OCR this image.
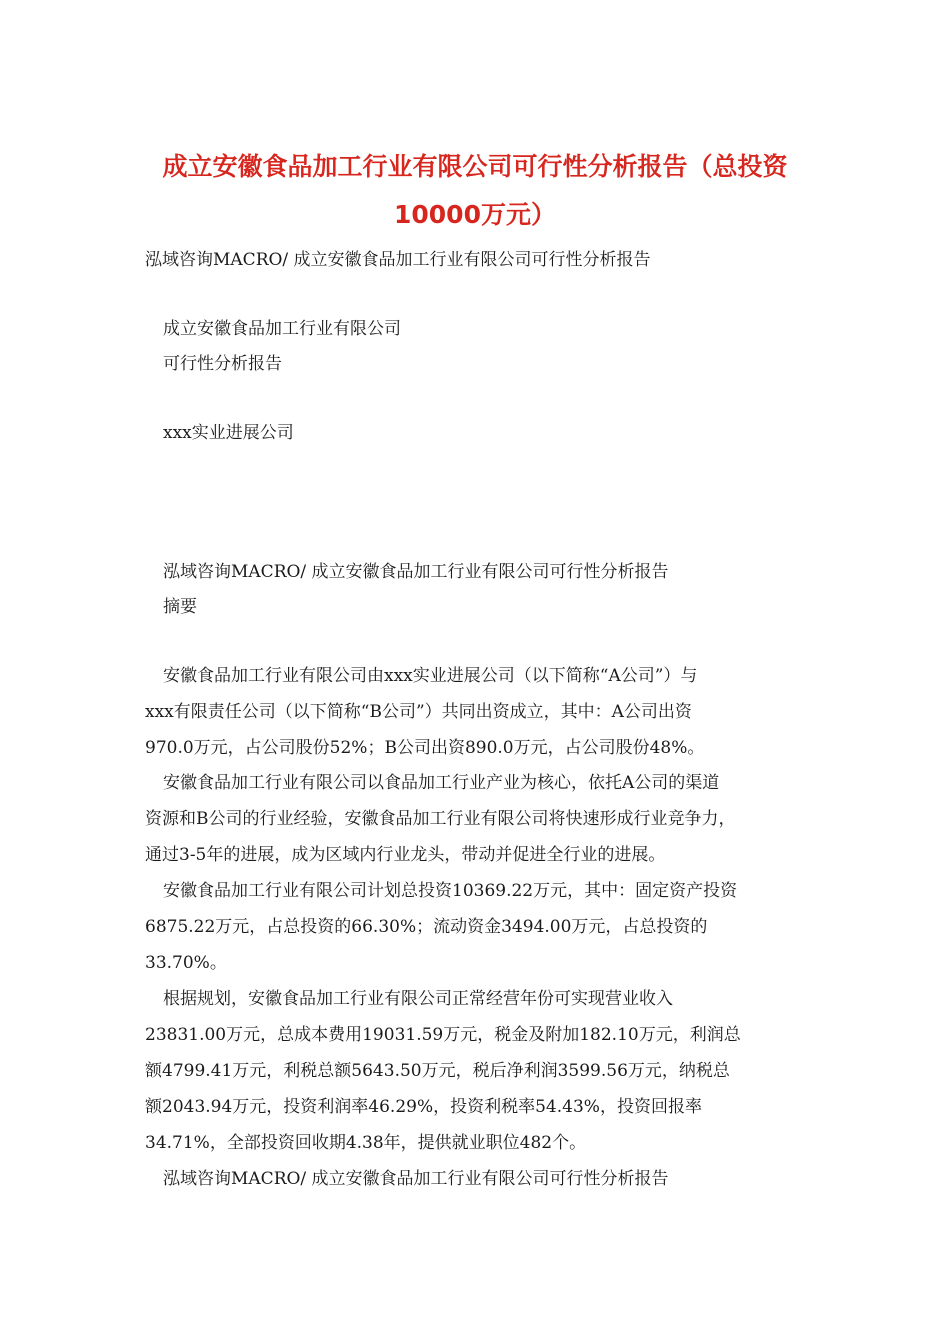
成立安徽食品加工行业有限公司可行性分析报告（总投资
10000万元）
泓域咨询MACRO/ 成立安徽食品加工行业有限公司可行性分析报告
成立安徽食品加工行业有限公司
可行性分析报告
xxx实业进展公司
泓域咨询MACRO/ 成立安徽食品加工行业有限公司可行性分析报告
摘要
安徽食品加工行业有限公司由xxx实业进展公司（以下简称“A公司”）与
xxx有限责任公司（以下简称“B公司”）共同出资成立，其中：A公司出资
970.0万元，占公司股份52%；B公司出资890.0万元，占公司股份48%。
安徽食品加工行业有限公司以食品加工行业产业为核心，依托A公司的渠道
资源和B公司的行业经验，安徽食品加工行业有限公司将快速形成行业竞争力，
通过3-5年的进展，成为区域内行业龙头，带动并促进全行业的进展。
安徽食品加工行业有限公司计划总投资10369.22万元，其中：固定资产投资
6875.22万元，占总投资的66.30%；流动资金3494.00万元，占总投资的
33.70%。
根据规划，安徽食品加工行业有限公司正常经营年份可实现营业收入
23831.00万元，总成本费用19031.59万元，税金及附加182.10万元，利润总
额4799.41万元，利税总额5643.50万元，税后净利润3599.56万元，纳税总
额2043.94万元，投资利润率46.29%，投资利税率54.43%，投资回报率
34.71%，全部投资回收期4.38年，提供就业职位482个。
泓域咨询MACRO/ 成立安徽食品加工行业有限公司可行性分析报告
